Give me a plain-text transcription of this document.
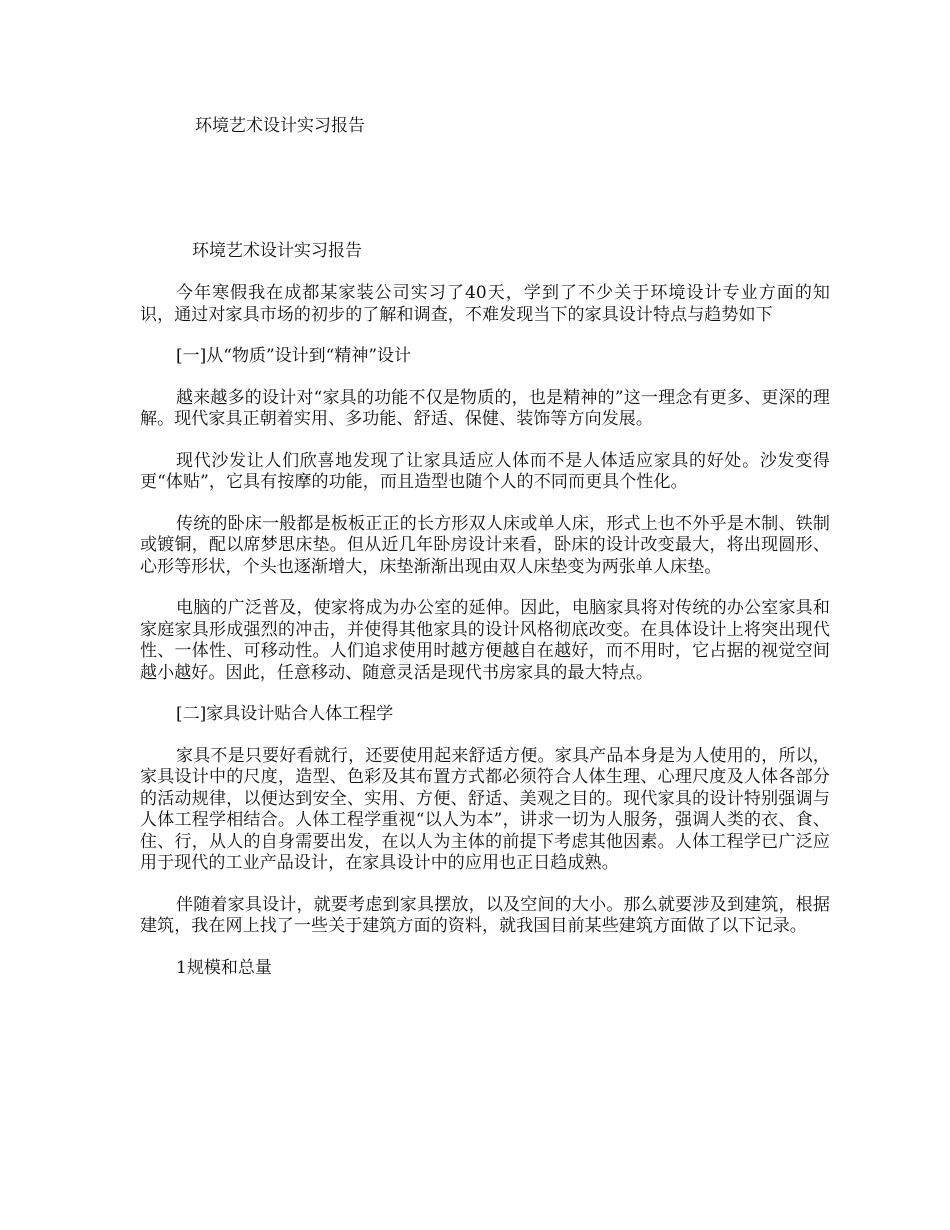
环境艺术设计实习报告
环境艺术设计实习报告

今年寒假我在成都某家装公司实习了40天，学到了不少关于环境设计专业方面的知识，通过对家具市场的初步的了解和调查，不难发现当下的家具设计特点与趋势如下

[一]从“物质”设计到“精神”设计

越来越多的设计对“家具的功能不仅是物质的，也是精神的”这一理念有更多、更深的理解。现代家具正朝着实用、多功能、舒适、保健、装饰等方向发展。

现代沙发让人们欣喜地发现了让家具适应人体而不是人体适应家具的好处。沙发变得更“体贴”，它具有按摩的功能，而且造型也随个人的不同而更具个性化。

传统的卧床一般都是板板正正的长方形双人床或单人床，形式上也不外乎是木制、铁制或镀铜，配以席梦思床垫。但从近几年卧房设计来看，卧床的设计改变最大，将出现圆形、心形等形状，个头也逐渐增大，床垫渐渐出现由双人床垫变为两张单人床垫。

电脑的广泛普及，使家将成为办公室的延伸。因此，电脑家具将对传统的办公室家具和家庭家具形成强烈的冲击，并使得其他家具的设计风格彻底改变。在具体设计上将突出现代性、一体性、可移动性。人们追求使用时越方便越自在越好，而不用时，它占据的视觉空间越小越好。因此，任意移动、随意灵活是现代书房家具的最大特点。

[二]家具设计贴合人体工程学

家具不是只要好看就行，还要使用起来舒适方便。家具产品本身是为人使用的，所以，家具设计中的尺度，造型、色彩及其布置方式都必须符合人体生理、心理尺度及人体各部分的活动规律，以便达到安全、实用、方便、舒适、美观之目的。现代家具的设计特别强调与人体工程学相结合。人体工程学重视“以人为本”，讲求一切为人服务，强调人类的衣、食、住、行，从人的自身需要出发，在以人为主体的前提下考虑其他因素。人体工程学已广泛应用于现代的工业产品设计，在家具设计中的应用也正日趋成熟。

伴随着家具设计，就要考虑到家具摆放，以及空间的大小。那么就要涉及到建筑，根据建筑，我在网上找了一些关于建筑方面的资料，就我国目前某些建筑方面做了以下记录。

1规模和总量
